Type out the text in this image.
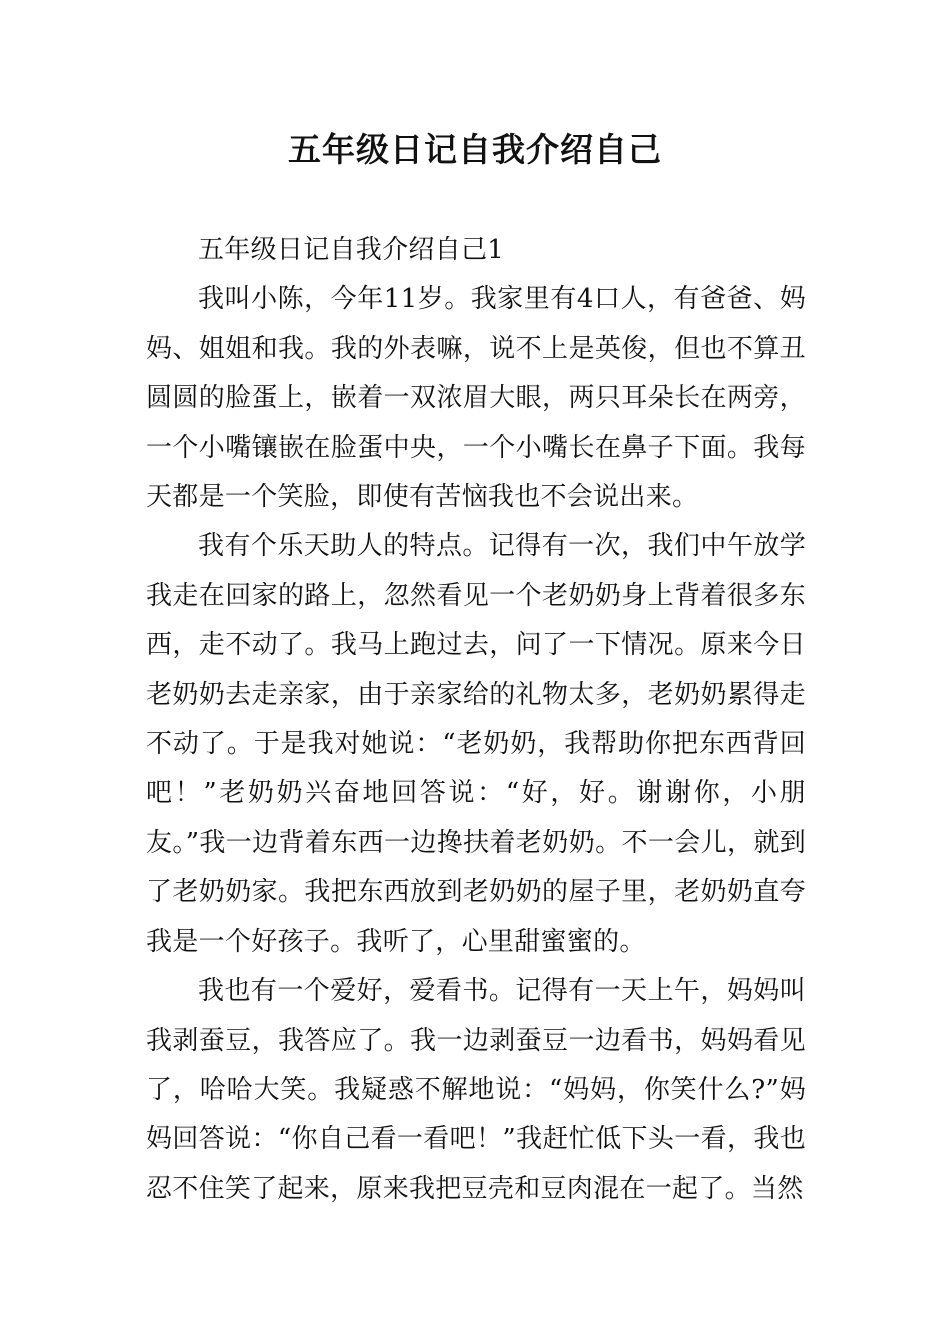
五年级日记自我介绍自己

五年级日记自我介绍自己1

我叫小陈，今年11岁。我家里有4口人，有爸爸、妈妈、姐姐和我。我的外表嘛，说不上是英俊，但也不算丑圆圆的脸蛋上，嵌着一双浓眉大眼，两只耳朵长在两旁，一个小嘴镶嵌在脸蛋中央，一个小嘴长在鼻子下面。我每天都是一个笑脸，即使有苦恼我也不会说出来。

我有个乐天助人的特点。记得有一次，我们中午放学我走在回家的路上，忽然看见一个老奶奶身上背着很多东西，走不动了。我马上跑过去，问了一下情况。原来今日老奶奶去走亲家，由于亲家给的礼物太多，老奶奶累得走不动了。于是我对她说：“老奶奶，我帮助你把东西背回吧！”老奶奶兴奋地回答说：“好，好。谢谢你，小朋友。”我一边背着东西一边搀扶着老奶奶。不一会儿，就到了老奶奶家。我把东西放到老奶奶的屋子里，老奶奶直夸我是一个好孩子。我听了，心里甜蜜蜜的。

我也有一个爱好，爱看书。记得有一天上午，妈妈叫我剥蚕豆，我答应了。我一边剥蚕豆一边看书，妈妈看见了，哈哈大笑。我疑惑不解地说：“妈妈，你笑什么?”妈妈回答说：“你自己看一看吧！”我赶忙低下头一看，我也忍不住笑了起来，原来我把豆壳和豆肉混在一起了。当然
